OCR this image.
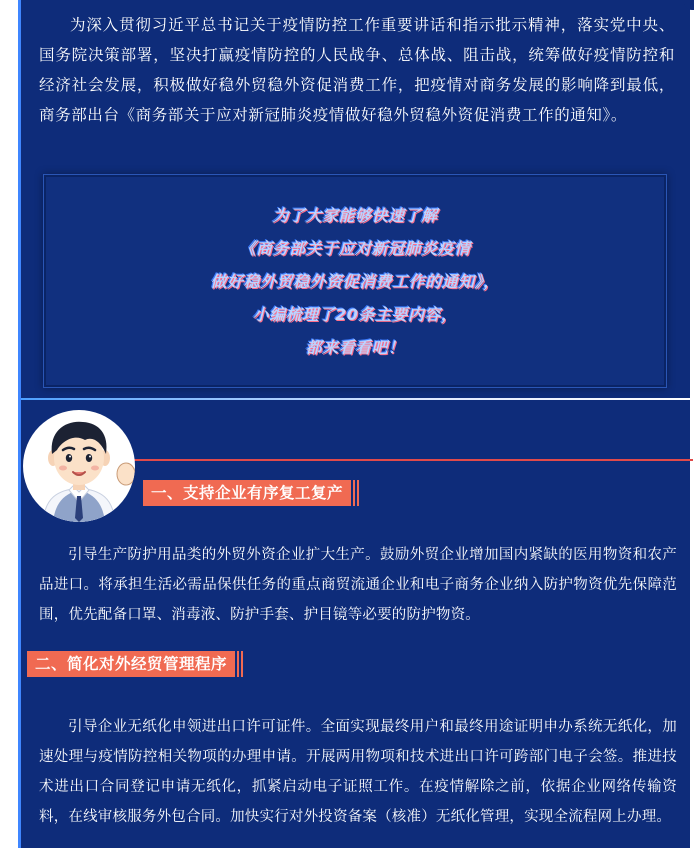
为深入贯彻习近平总书记关于疫情防控工作重要讲话和指示批示精神，落实党中央、国务院决策部署，坚决打赢疫情防控的人民战争、总体战、阻击战，统筹做好疫情防控和经济社会发展，积极做好稳外贸稳外资促消费工作，把疫情对商务发展的影响降到最低，商务部出台《商务部关于应对新冠肺炎疫情做好稳外贸稳外资促消费工作的通知》。

为了大家能够快速了解
《商务部关于应对新冠肺炎疫情
做好稳外贸稳外资促消费工作的通知》，
小编梳理了20条主要内容，
都来看看吧！
一、支持企业有序复工复产

引导生产防护用品类的外贸外资企业扩大生产。鼓励外贸企业增加国内紧缺的医用物资和农产品进口。将承担生活必需品保供任务的重点商贸流通企业和电子商务企业纳入防护物资优先保障范围，优先配备口罩、消毒液、防护手套、护目镜等必要的防护物资。

二、简化对外经贸管理程序

引导企业无纸化申领进出口许可证件。全面实现最终用户和最终用途证明申办系统无纸化，加速处理与疫情防控相关物项的办理申请。开展两用物项和技术进出口许可跨部门电子会签。推进技术进出口合同登记申请无纸化，抓紧启动电子证照工作。在疫情解除之前，依据企业网络传输资料，在线审核服务外包合同。加快实行对外投资备案（核准）无纸化管理，实现全流程网上办理。
